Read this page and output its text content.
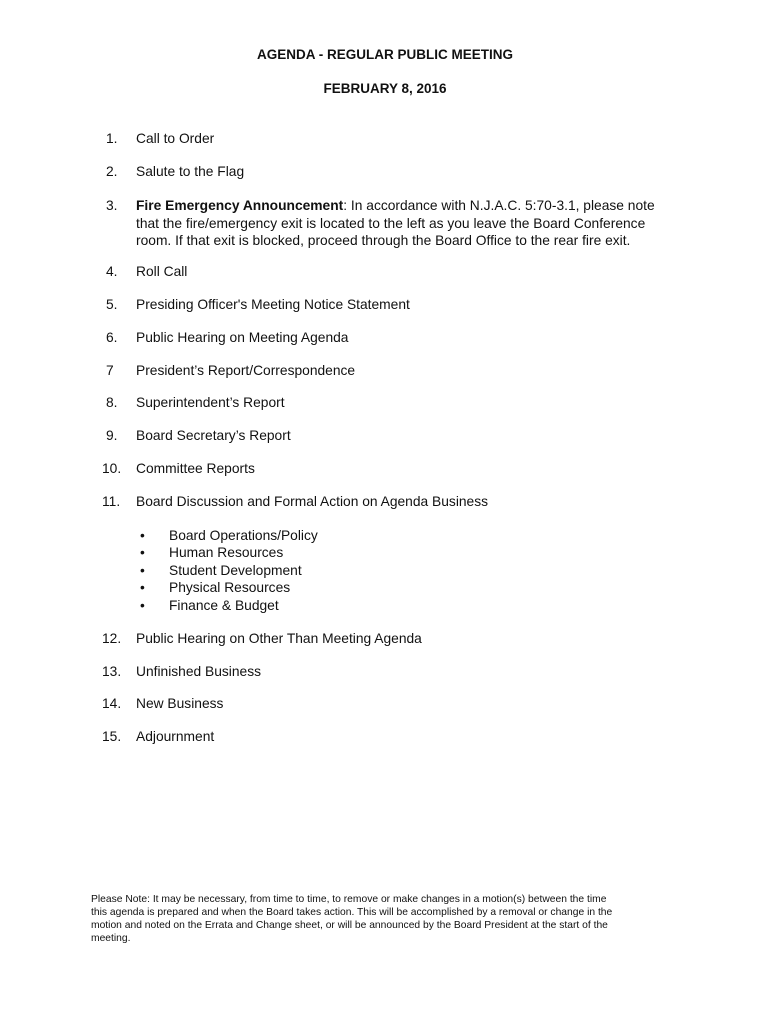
AGENDA - REGULAR PUBLIC MEETING
FEBRUARY 8, 2016
1.	Call to Order
2.	Salute to the Flag
3.	Fire Emergency Announcement: In accordance with N.J.A.C. 5:70-3.1, please note
that the fire/emergency exit is located to the left as you leave the Board Conference
room. If that exit is blocked, proceed through the Board Office to the rear fire exit.
4.	Roll Call
5.	Presiding Officer's Meeting Notice Statement
6.	Public Hearing on Meeting Agenda
7	President’s Report/Correspondence
8.	Superintendent’s Report
9.	Board Secretary’s Report
10.	Committee Reports
11.	Board Discussion and Formal Action on Agenda Business
• Board Operations/Policy
• Human Resources
• Student Development
• Physical Resources
• Finance & Budget
12.	Public Hearing on Other Than Meeting Agenda
13.	Unfinished Business
14.	New Business
15.	Adjournment
Please Note: It may be necessary, from time to time, to remove or make changes in a motion(s) between the time
this agenda is prepared and when the Board takes action. This will be accomplished by a removal or change in the
motion and noted on the Errata and Change sheet, or will be announced by the Board President at the start of the
meeting.
